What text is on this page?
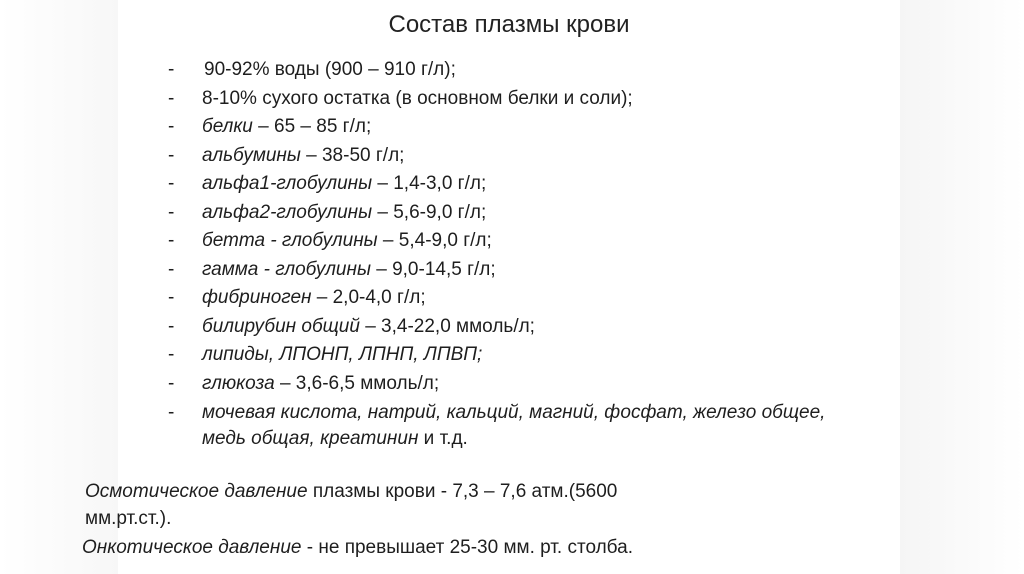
Состав плазмы крови
- 90-92% воды (900 – 910 г/л);
- 8-10% сухого остатка (в основном белки и соли);
- белки – 65 – 85 г/л;
- альбумины – 38-50 г/л;
- альфа1-глобулины – 1,4-3,0 г/л;
- альфа2-глобулины – 5,6-9,0 г/л;
- бетта - глобулины – 5,4-9,0 г/л;
- гамма - глобулины – 9,0-14,5 г/л;
- фибриноген – 2,0-4,0 г/л;
- билирубин общий – 3,4-22,0 ммоль/л;
- липиды, ЛПОНП, ЛПНП, ЛПВП;
- глюкоза – 3,6-6,5 ммоль/л;
- мочевая кислота, натрий, кальций, магний, фосфат, железо общее, медь общая, креатинин и т.д.
Осмотическое давление плазмы крови - 7,3 – 7,6 атм.(5600 мм.рт.ст.).
Онкотическое давление - не превышает 25-30 мм. рт. столба.
